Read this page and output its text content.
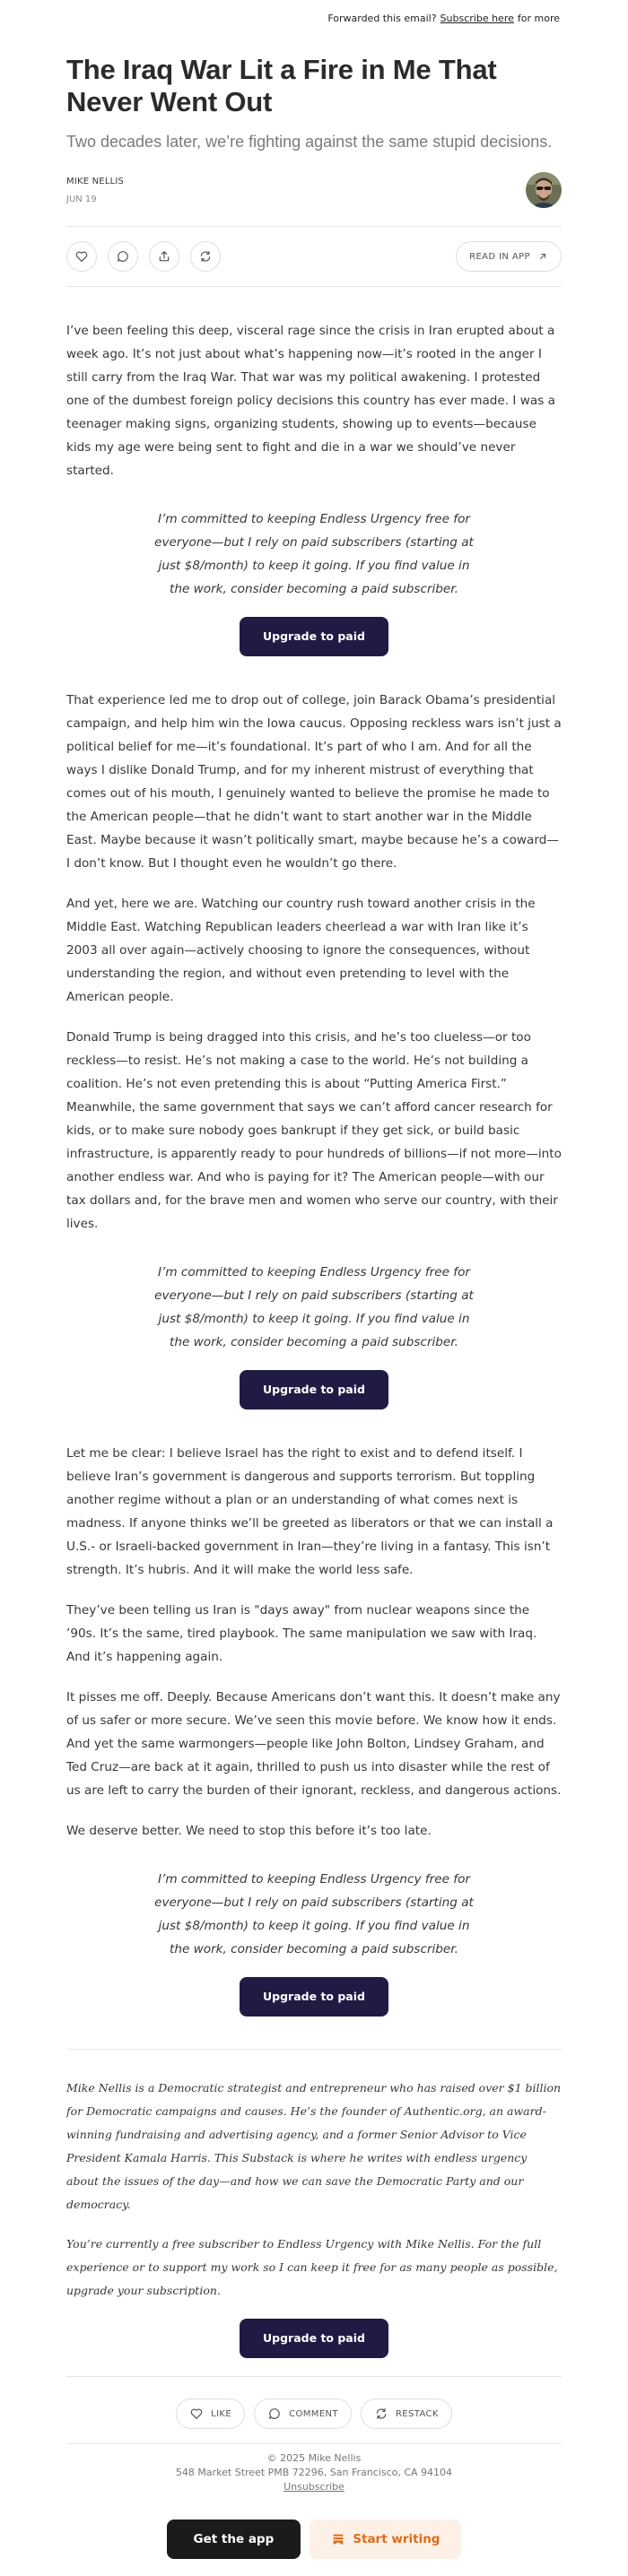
Forwarded this email? Subscribe here for more
The Iraq War Lit a Fire in Me That Never Went Out
Two decades later, we’re fighting against the same stupid decisions.
MIKE NELLIS
JUN 19
READ IN APP

I’ve been feeling this deep, visceral rage since the crisis in Iran erupted about a week ago. It’s not just about what’s happening now—it’s rooted in the anger I still carry from the Iraq War. That war was my political awakening. I protested one of the dumbest foreign policy decisions this country has ever made. I was a teenager making signs, organizing students, showing up to events—because kids my age were being sent to fight and die in a war we should’ve never started.

I’m committed to keeping Endless Urgency free for everyone—but I rely on paid subscribers (starting at just $8/month) to keep it going. If you find value in the work, consider becoming a paid subscriber.
Upgrade to paid

That experience led me to drop out of college, join Barack Obama’s presidential campaign, and help him win the Iowa caucus. Opposing reckless wars isn’t just a political belief for me—it’s foundational. It’s part of who I am. And for all the ways I dislike Donald Trump, and for my inherent mistrust of everything that comes out of his mouth, I genuinely wanted to believe the promise he made to the American people—that he didn’t want to start another war in the Middle East. Maybe because it wasn’t politically smart, maybe because he’s a coward—I don’t know. But I thought even he wouldn’t go there.

And yet, here we are. Watching our country rush toward another crisis in the Middle East. Watching Republican leaders cheerlead a war with Iran like it’s 2003 all over again—actively choosing to ignore the consequences, without understanding the region, and without even pretending to level with the American people.

Donald Trump is being dragged into this crisis, and he’s too clueless—or too reckless—to resist. He’s not making a case to the world. He’s not building a coalition. He’s not even pretending this is about “Putting America First.” Meanwhile, the same government that says we can’t afford cancer research for kids, or to make sure nobody goes bankrupt if they get sick, or build basic infrastructure, is apparently ready to pour hundreds of billions—if not more—into another endless war. And who is paying for it? The American people—with our tax dollars and, for the brave men and women who serve our country, with their lives.

I’m committed to keeping Endless Urgency free for everyone—but I rely on paid subscribers (starting at just $8/month) to keep it going. If you find value in the work, consider becoming a paid subscriber.
Upgrade to paid

Let me be clear: I believe Israel has the right to exist and to defend itself. I believe Iran’s government is dangerous and supports terrorism. But toppling another regime without a plan or an understanding of what comes next is madness. If anyone thinks we’ll be greeted as liberators or that we can install a U.S.- or Israeli-backed government in Iran—they’re living in a fantasy. This isn’t strength. It’s hubris. And it will make the world less safe.

They’ve been telling us Iran is "days away" from nuclear weapons since the ’90s. It’s the same, tired playbook. The same manipulation we saw with Iraq. And it’s happening again.

It pisses me off. Deeply. Because Americans don’t want this. It doesn’t make any of us safer or more secure. We’ve seen this movie before. We know how it ends. And yet the same warmongers—people like John Bolton, Lindsey Graham, and Ted Cruz—are back at it again, thrilled to push us into disaster while the rest of us are left to carry the burden of their ignorant, reckless, and dangerous actions.

We deserve better. We need to stop this before it’s too late.

I’m committed to keeping Endless Urgency free for everyone—but I rely on paid subscribers (starting at just $8/month) to keep it going. If you find value in the work, consider becoming a paid subscriber.
Upgrade to paid

Mike Nellis is a Democratic strategist and entrepreneur who has raised over $1 billion for Democratic campaigns and causes. He’s the founder of Authentic.org, an award-winning fundraising and advertising agency, and a former Senior Advisor to Vice President Kamala Harris. This Substack is where he writes with endless urgency about the issues of the day—and how we can save the Democratic Party and our democracy.

You’re currently a free subscriber to Endless Urgency with Mike Nellis. For the full experience or to support my work so I can keep it free for as many people as possible, upgrade your subscription.

Upgrade to paid
LIKE	COMMENT	RESTACK
© 2025 Mike Nellis
548 Market Street PMB 72296, San Francisco, CA 94104
Unsubscribe
Get the app	Start writing
